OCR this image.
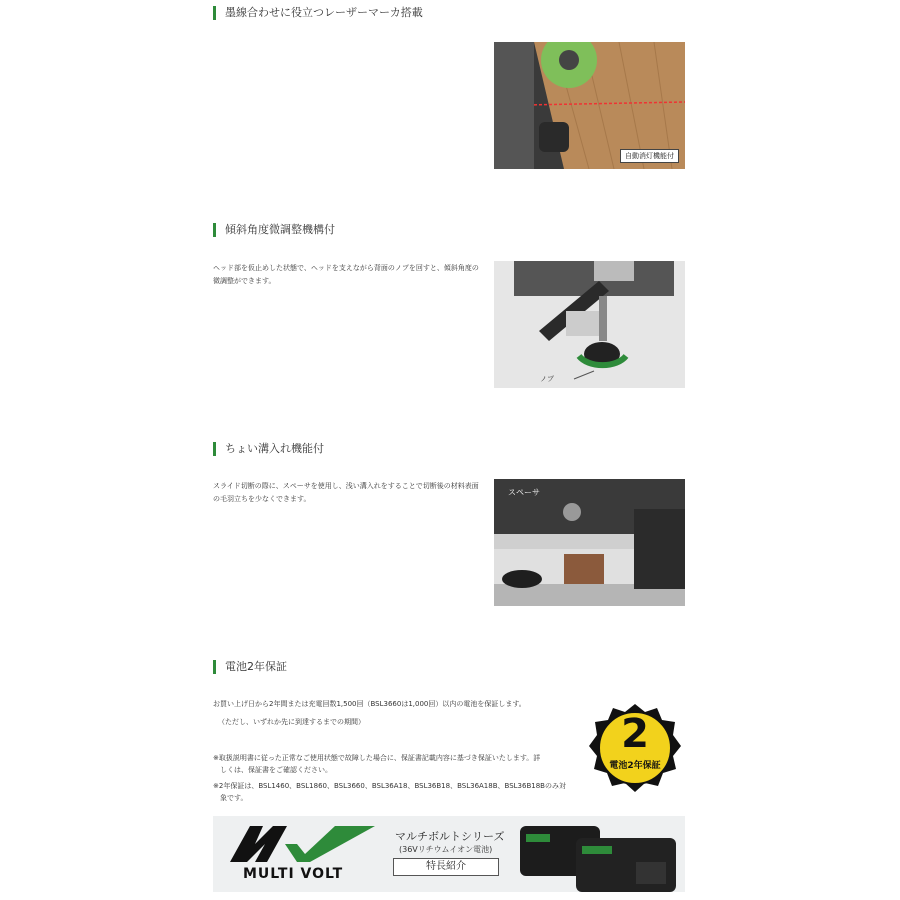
墨線合わせに役立つレーザーマーカ搭載
自動消灯機能付
傾斜角度微調整機構付
ヘッド部を仮止めした状態で、ヘッドを支えながら背面のノブを回すと、傾斜角度の微調整ができます。
ノブ
ちょい溝入れ機能付
スライド切断の際に、スペーサを使用し、浅い溝入れをすることで切断後の材料表面の毛羽立ちを少なくできます。
スペーサ
電池2年保証
お買い上げ日から2年間または充電回数1,500回（BSL3660は1,000回）以内の電池を保証します。
（ただし、いずれか先に到達するまでの期間）
※取扱説明書に従った正常なご使用状態で故障した場合に、保証書記載内容に基づき保証いたします。詳
しくは、保証書をご確認ください。
※2年保証は、BSL1460、BSL1860、BSL3660、BSL36A18、BSL36B18、BSL36A18B、BSL36B18Bのみ対
象です。
2
電池2年保証
MULTI VOLT
マルチボルトシリーズ
(36Vリチウムイオン電池)
特長紹介
